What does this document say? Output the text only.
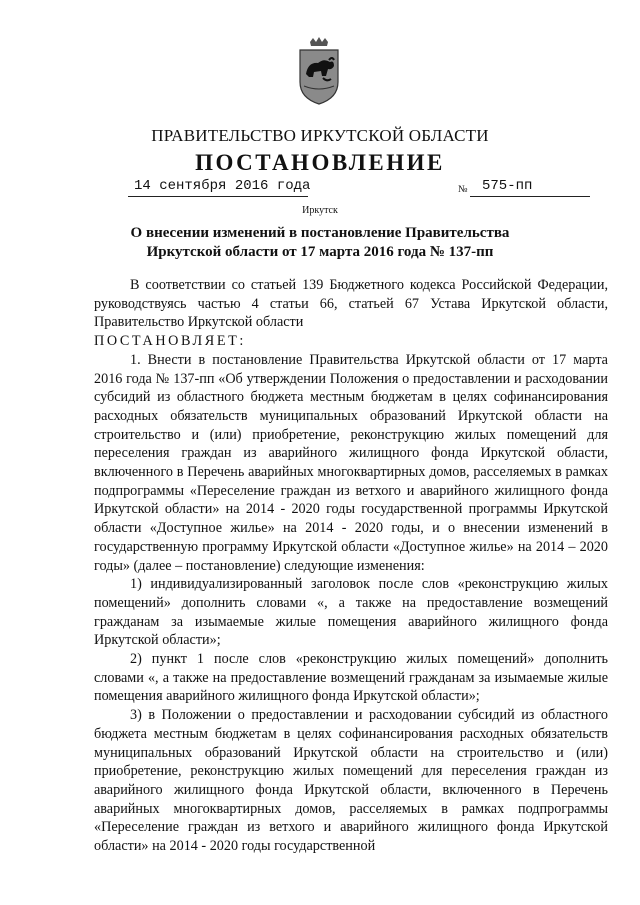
ПРАВИТЕЛЬСТВО ИРКУТСКОЙ ОБЛАСТИ
ПОСТАНОВЛЕНИЕ
14 сентября 2016 года	№ 575-пп
Иркутск
О внесении изменений в постановление Правительства Иркутской области от 17 марта 2016 года № 137-пп

В соответствии со статьей 139 Бюджетного кодекса Российской Федерации, руководствуясь частью 4 статьи 66, статьей 67 Устава Иркутской области, Правительство Иркутской области

ПОСТАНОВЛЯЕТ:

1. Внести в постановление Правительства Иркутской области от 17 марта 2016 года № 137-пп «Об утверждении Положения о предоставлении и расходовании субсидий из областного бюджета местным бюджетам в целях софинансирования расходных обязательств муниципальных образований Иркутской области на строительство и (или) приобретение, реконструкцию жилых помещений для переселения граждан из аварийного жилищного фонда Иркутской области, включенного в Перечень аварийных многоквартирных домов, расселяемых в рамках подпрограммы «Переселение граждан из ветхого и аварийного жилищного фонда Иркутской области» на 2014 - 2020 годы государственной программы Иркутской области «Доступное жилье» на 2014 - 2020 годы, и о внесении изменений в государственную программу Иркутской области «Доступное жилье» на 2014 – 2020 годы» (далее – постановление) следующие изменения:

1) индивидуализированный заголовок после слов «реконструкцию жилых помещений» дополнить словами «, а также на предоставление возмещений гражданам за изымаемые жилые помещения аварийного жилищного фонда Иркутской области»;

2) пункт 1 после слов «реконструкцию жилых помещений» дополнить словами «, а также на предоставление возмещений гражданам за изымаемые жилые помещения аварийного жилищного фонда Иркутской области»;

3) в Положении о предоставлении и расходовании субсидий из областного бюджета местным бюджетам в целях софинансирования расходных обязательств муниципальных образований Иркутской области на строительство и (или) приобретение, реконструкцию жилых помещений для переселения граждан из аварийного жилищного фонда Иркутской области, включенного в Перечень аварийных многоквартирных домов, расселяемых в рамках подпрограммы «Переселение граждан из ветхого и аварийного жилищного фонда Иркутской области» на 2014 - 2020 годы государственной
